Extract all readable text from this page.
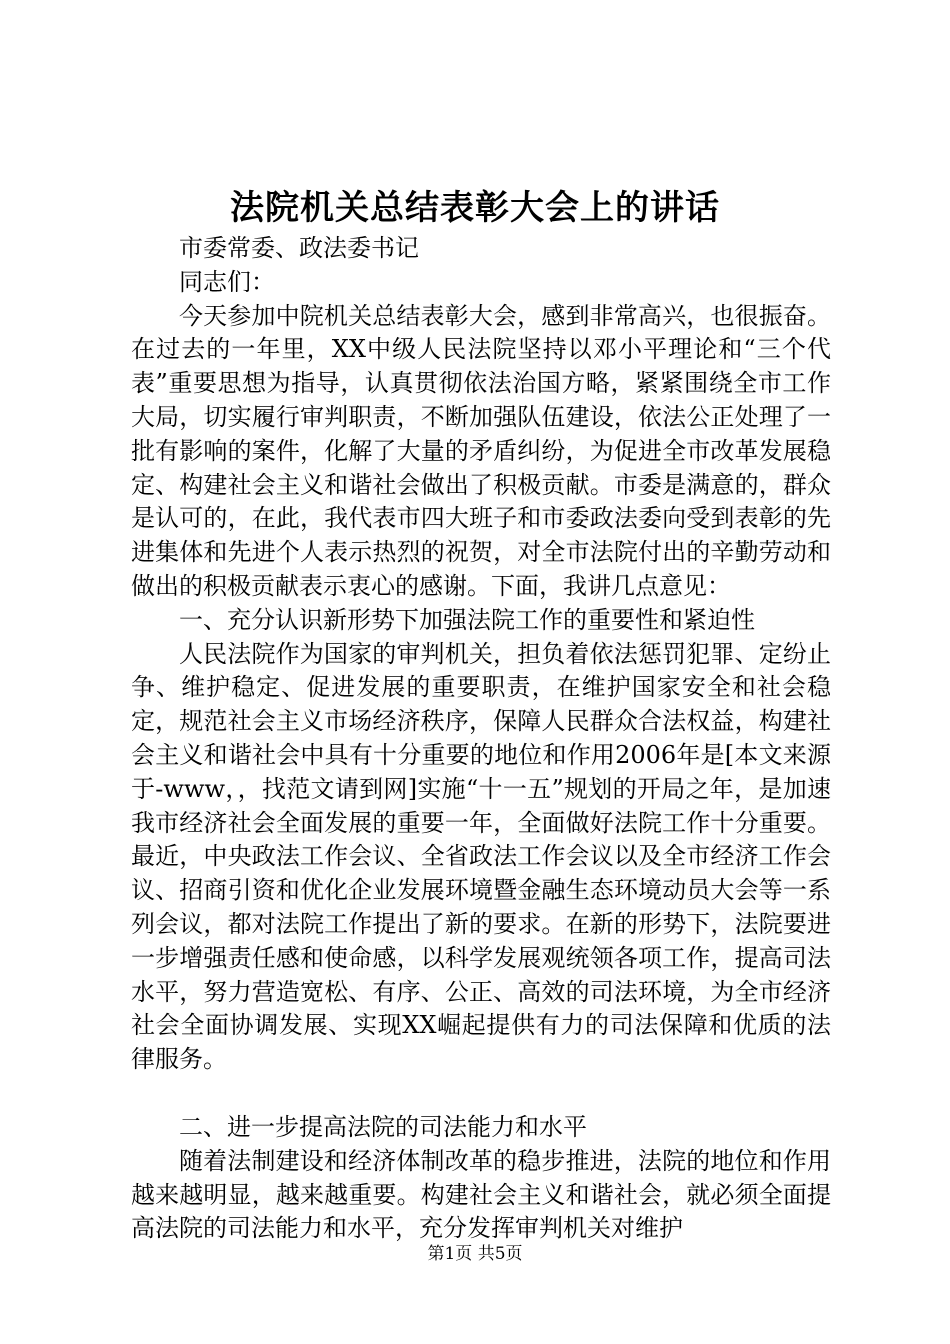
法院机关总结表彰大会上的讲话

市委常委、政法委书记

同志们：

今天参加中院机关总结表彰大会，感到非常高兴，也很振奋。在过去的一年里，XX中级人民法院坚持以邓小平理论和“三个代表”重要思想为指导，认真贯彻依法治国方略，紧紧围绕全市工作大局，切实履行审判职责，不断加强队伍建设，依法公正处理了一批有影响的案件，化解了大量的矛盾纠纷，为促进全市改革发展稳定、构建社会主义和谐社会做出了积极贡献。市委是满意的，群众是认可的，在此，我代表市四大班子和市委政法委向受到表彰的先进集体和先进个人表示热烈的祝贺，对全市法院付出的辛勤劳动和做出的积极贡献表示衷心的感谢。下面，我讲几点意见：

一、充分认识新形势下加强法院工作的重要性和紧迫性

人民法院作为国家的审判机关，担负着依法惩罚犯罪、定纷止争、维护稳定、促进发展的重要职责，在维护国家安全和社会稳定，规范社会主义市场经济秩序，保障人民群众合法权益，构建社会主义和谐社会中具有十分重要的地位和作用2006年是[本文来源于-www，，找范文请到网]实施“十一五”规划的开局之年，是加速我市经济社会全面发展的重要一年，全面做好法院工作十分重要。最近，中央政法工作会议、全省政法工作会议以及全市经济工作会议、招商引资和优化企业发展环境暨金融生态环境动员大会等一系列会议，都对法院工作提出了新的要求。在新的形势下，法院要进一步增强责任感和使命感，以科学发展观统领各项工作，提高司法水平，努力营造宽松、有序、公正、高效的司法环境，为全市经济社会全面协调发展、实现XX崛起提供有力的司法保障和优质的法律服务。

二、进一步提高法院的司法能力和水平

随着法制建设和经济体制改革的稳步推进，法院的地位和作用越来越明显，越来越重要。构建社会主义和谐社会，就必须全面提高法院的司法能力和水平，充分发挥审判机关对维护

第1页 共5页
